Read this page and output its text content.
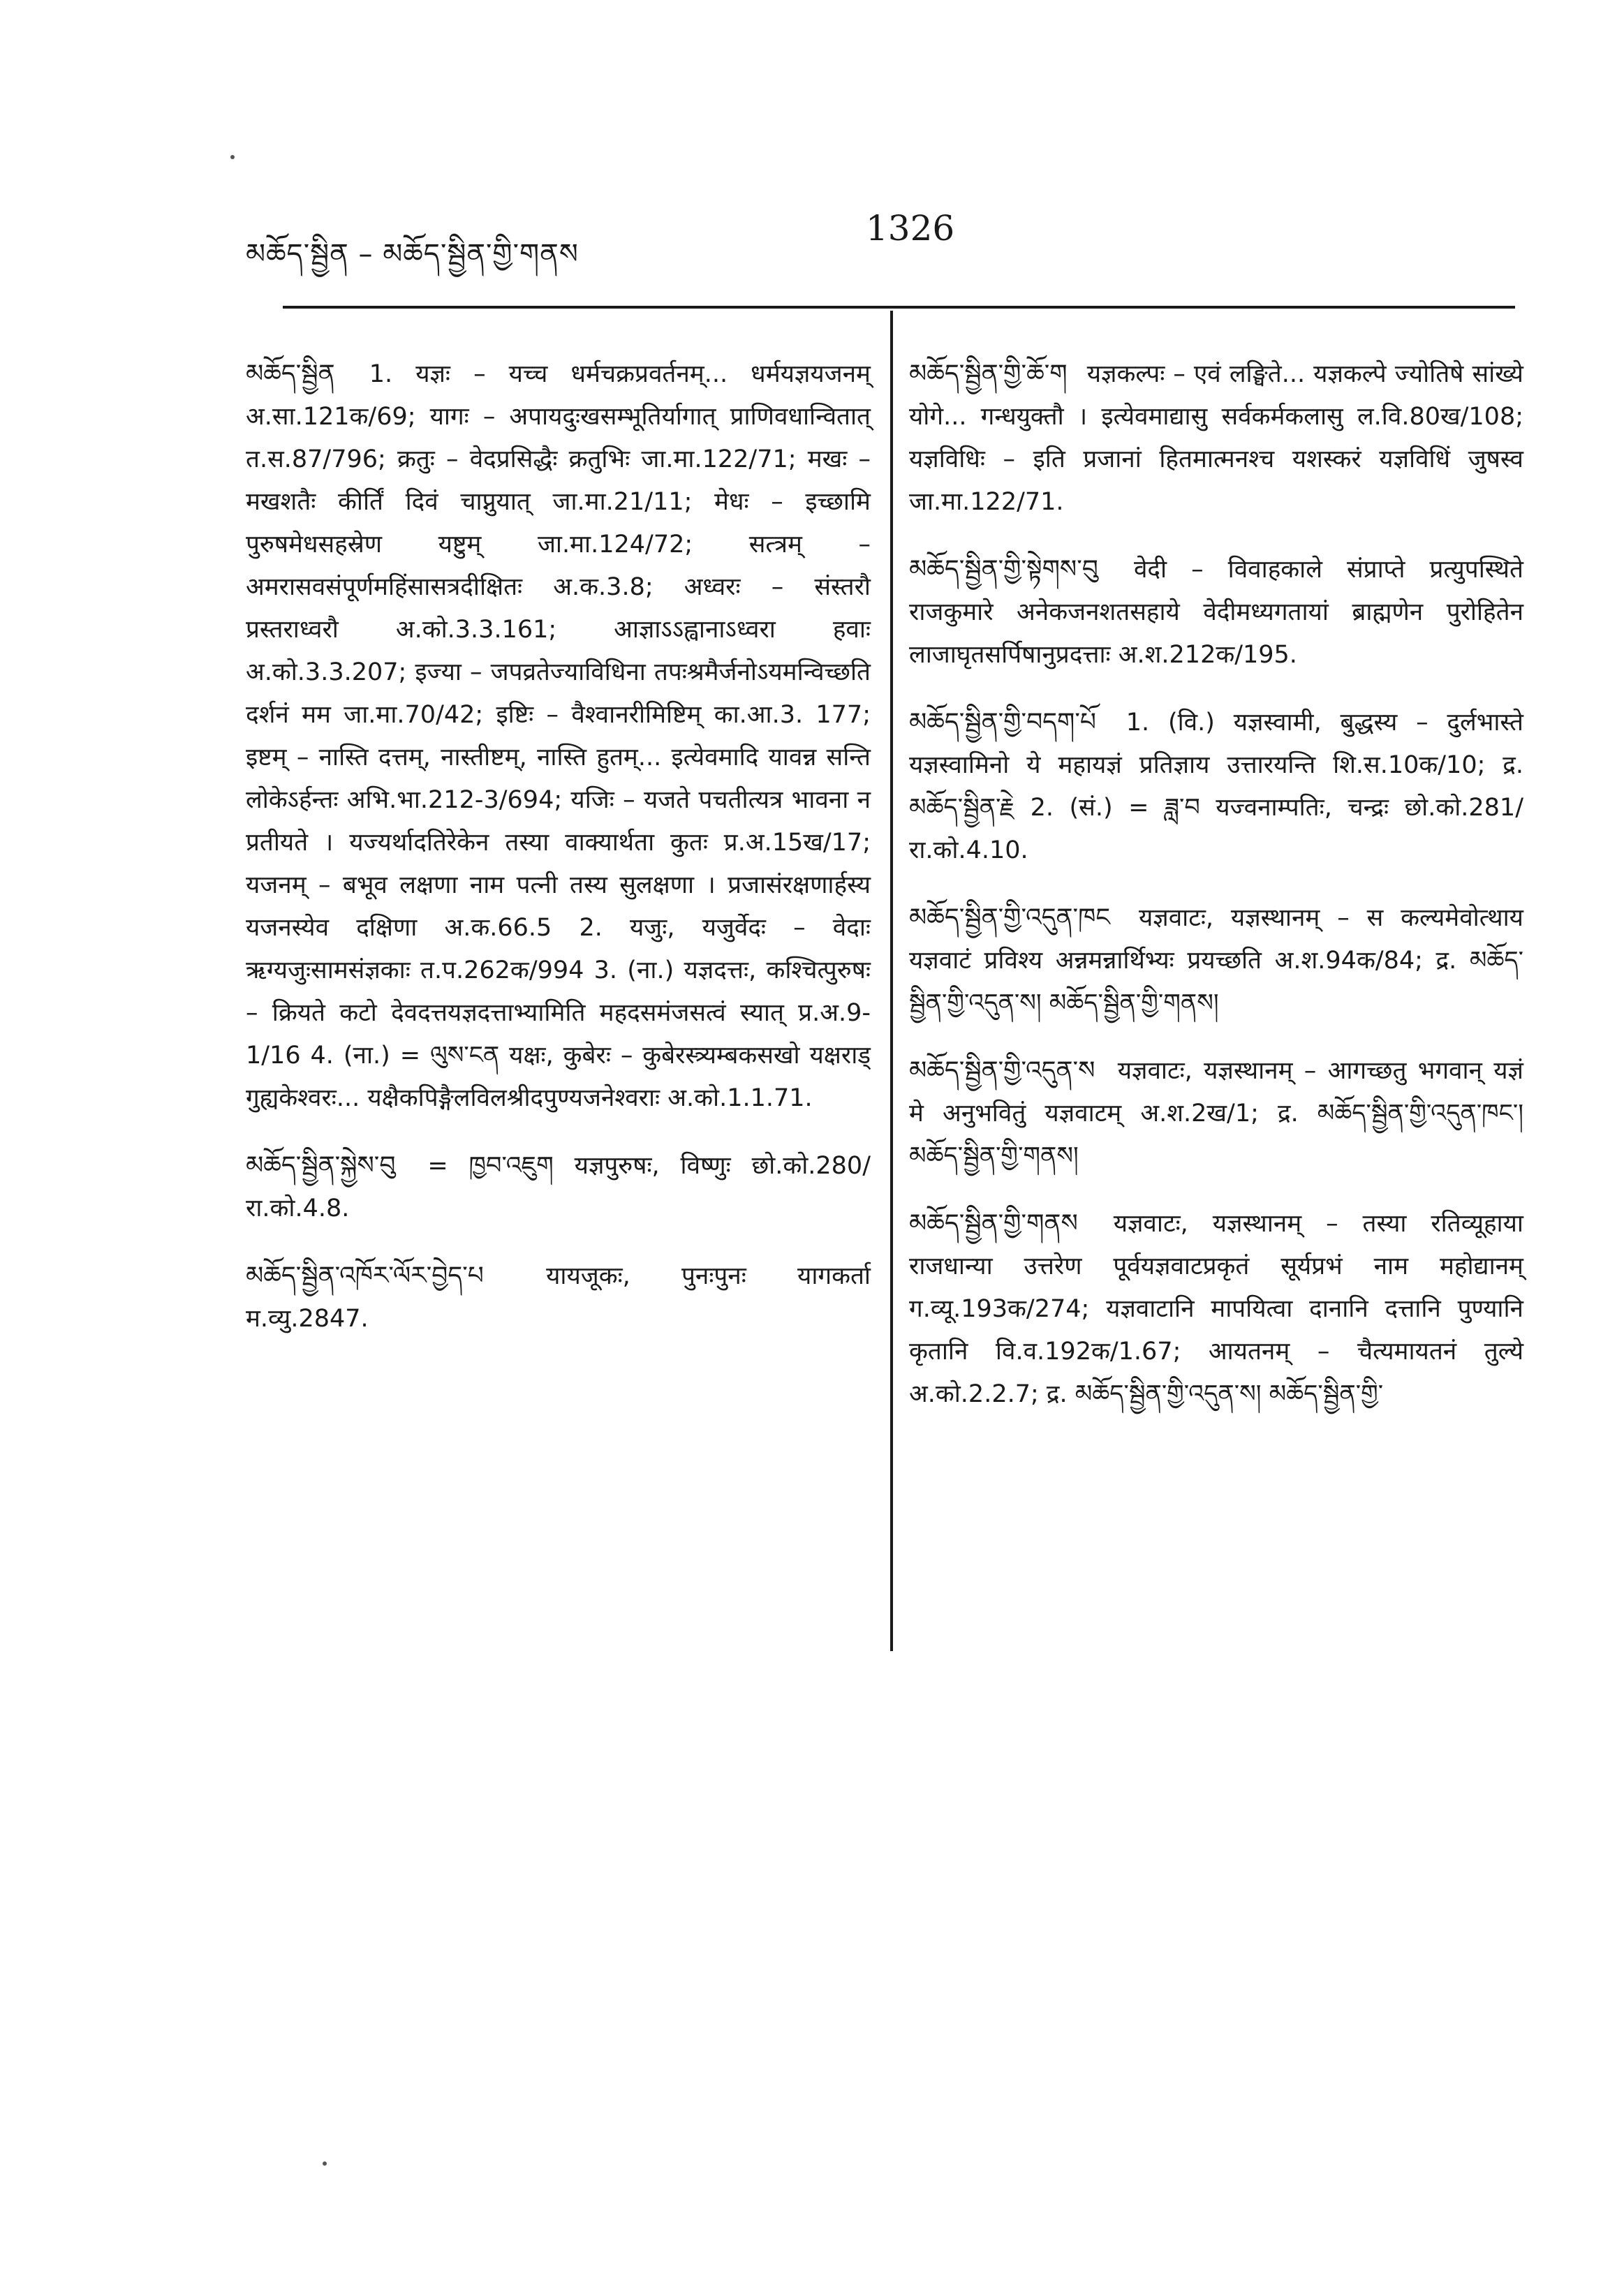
མཆོད་སྦྱིན – མཆོད་སྦྱིན་གྱི་གནས
1326

མཆོད་སྦྱིན 1. यज्ञः – यच्च धर्मचक्रप्रवर्तनम्... धर्मयज्ञयजनम् अ.सा.121क/69; यागः – अपायदुःखसम्भूतिर्यागात् प्राणिवधान्वितात् त.स.87/796; क्रतुः – वेदप्रसिद्धैः क्रतुभिः जा.मा.122/71; मखः – मखशतैः कीर्तिं दिवं चाप्नुयात् जा.मा.21/11; मेधः – इच्छामि पुरुषमेधसहस्रेण यष्टुम् जा.मा.124/72; सत्त्रम् – अमरासवसंपूर्णमहिंसासत्रदीक्षितः अ.क.3.8; अध्वरः – संस्तरौ प्रस्तराध्वरौ अ.को.3.3.161; आज्ञाऽऽह्वानाऽध्वरा हवाः अ.को.3.3.207; इज्या – जपव्रतेज्याविधिना तपःश्रमैर्जनोऽयमन्विच्छति दर्शनं मम जा.मा.70/42; इष्टिः – वैश्वानरीमिष्टिम् का.आ.3. 177; इष्टम् – नास्ति दत्तम्, नास्तीष्टम्, नास्ति हुतम्... इत्येवमादि यावन्न सन्ति लोकेऽर्हन्तः अभि.भा.212-3/694; यजिः – यजते पचतीत्यत्र भावना न प्रतीयते । यज्यर्थादतिरेकेन तस्या वाक्यार्थता कुतः प्र.अ.15ख/17; यजनम् – बभूव लक्षणा नाम पत्नी तस्य सुलक्षणा । प्रजासंरक्षणार्हस्य यजनस्येव दक्षिणा अ.क.66.5 2. यजुः, यजुर्वेदः – वेदाः ऋग्यजुःसामसंज्ञकाः त.प.262क/994 3. (ना.) यज्ञदत्तः, कश्चित्पुरुषः – क्रियते कटो देवदत्तयज्ञदत्ताभ्यामिति महदसमंजसत्वं स्यात् प्र.अ.9-1/16 4. (ना.) = ལུས་ངན यक्षः, कुबेरः – कुबेरस्त्र्यम्बकसखो यक्षराड् गुह्यकेश्वरः... यक्षैकपिङ्गैलविलश्रीदपुण्यजनेश्वराः अ.को.1.1.71.

མཆོད་སྦྱིན་སྐྱེས་བུ = ཁྱབ་འཇུག यज्ञपुरुषः, विष्णुः छो.को.280/रा.को.4.8.

མཆོད་སྦྱིན་འཁོར་ལོར་བྱེད་པ	यायजूकः, पुनःपुनः यागकर्ता म.व्यु.2847.

མཆོད་སྦྱིན་གྱི་ཆོ་ག यज्ञकल्पः – एवं लङ्घिते... यज्ञकल्पे ज्योतिषे सांख्ये योगे... गन्धयुक्तौ । इत्येवमाद्यासु सर्वकर्मकलासु ल.वि.80ख/108; यज्ञविधिः – इति प्रजानां हितमात्मनश्च यशस्करं यज्ञविधिं जुषस्व जा.मा.122/71.

མཆོད་སྦྱིན་གྱི་སྟེགས་བུ वेदी – विवाहकाले संप्राप्ते प्रत्युपस्थिते राजकुमारे अनेकजनशतसहाये वेदीमध्यगतायां ब्राह्मणेन पुरोहितेन लाजाघृतसर्पिषानुप्रदत्ताः अ.श.212क/195.

མཆོད་སྦྱིན་གྱི་བདག་པོ 1. (वि.) यज्ञस्वामी, बुद्धस्य – दुर्लभास्ते यज्ञस्वामिनो ये महायज्ञं प्रतिज्ञाय उत्तारयन्ति शि.स.10क/10; द्र. མཆོད་སྦྱིན་རྗེ 2. (सं.) = ཟླ་བ यज्वनाम्पतिः, चन्द्रः छो.को.281/रा.को.4.10.

མཆོད་སྦྱིན་གྱི་འདུན་ཁང यज्ञवाटः, यज्ञस्थानम् – स कल्यमेवोत्थाय यज्ञवाटं प्रविश्य अन्नमन्नार्थिभ्यः प्रयच्छति अ.श.94क/84; द्र. མཆོད་སྦྱིན་གྱི་འདུན་ས། མཆོད་སྦྱིན་གྱི་གནས།

མཆོད་སྦྱིན་གྱི་འདུན་ས यज्ञवाटः, यज्ञस्थानम् – आगच्छतु भगवान् यज्ञं मे अनुभवितुं यज्ञवाटम् अ.श.2ख/1; द्र. མཆོད་སྦྱིན་གྱི་འདུན་ཁང་། མཆོད་སྦྱིན་གྱི་གནས།

མཆོད་སྦྱིན་གྱི་གནས यज्ञवाटः, यज्ञस्थानम् – तस्या रतिव्यूहाया राजधान्या उत्तरेण पूर्वयज्ञवाटप्रकृतं सूर्यप्रभं नाम महोद्यानम् ग.व्यू.193क/274; यज्ञवाटानि मापयित्वा दानानि दत्तानि पुण्यानि कृतानि वि.व.192क/1.67; आयतनम् – चैत्यमायतनं तुल्ये अ.को.2.2.7; द्र. མཆོད་སྦྱིན་གྱི་འདུན་ས། མཆོད་སྦྱིན་གྱི་
